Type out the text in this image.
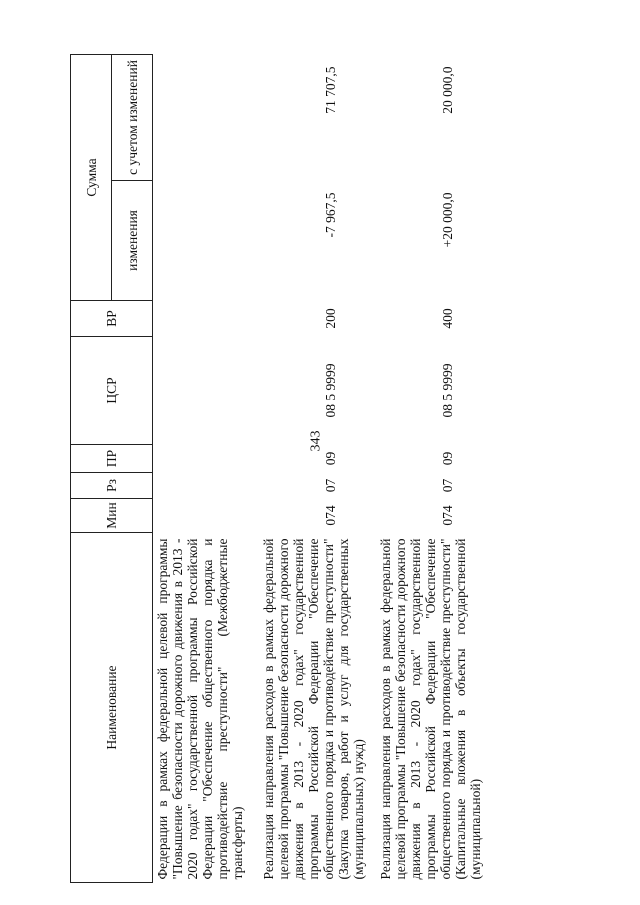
343
Наименование	Мин	Рз	ПР	ЦСР	ВР	Сумма	
						изменения	с учетом изменений
Федерации в рамках федеральной целевой программы "Повышение безопасности дорожного движения в 2013 - 2020 годах" государственной программы Российской Федерации "Обеспечение общественного порядка и противодействие преступности" (Межбюджетные трансферты)							
Реализация направления расходов в рамках федеральной целевой программы "Повышение безопасности дорожного движения в 2013 - 2020 годах" государственной программы Российской Федерации "Обеспечение общественного порядка и противодействие преступности" (Закупка товаров, работ и услуг для государственных (муниципальных) нужд)	074	07	09	08 5 9999	200	-7 967,5	71 707,5
Реализация направления расходов в рамках федеральной целевой программы "Повышение безопасности дорожного движения в 2013 - 2020 годах" государственной программы Российской Федерации "Обеспечение общественного порядка и противодействие преступности" (Капитальные вложения в объекты государственной (муниципальной)	074	07	09	08 5 9999	400	+20 000,0	20 000,0
